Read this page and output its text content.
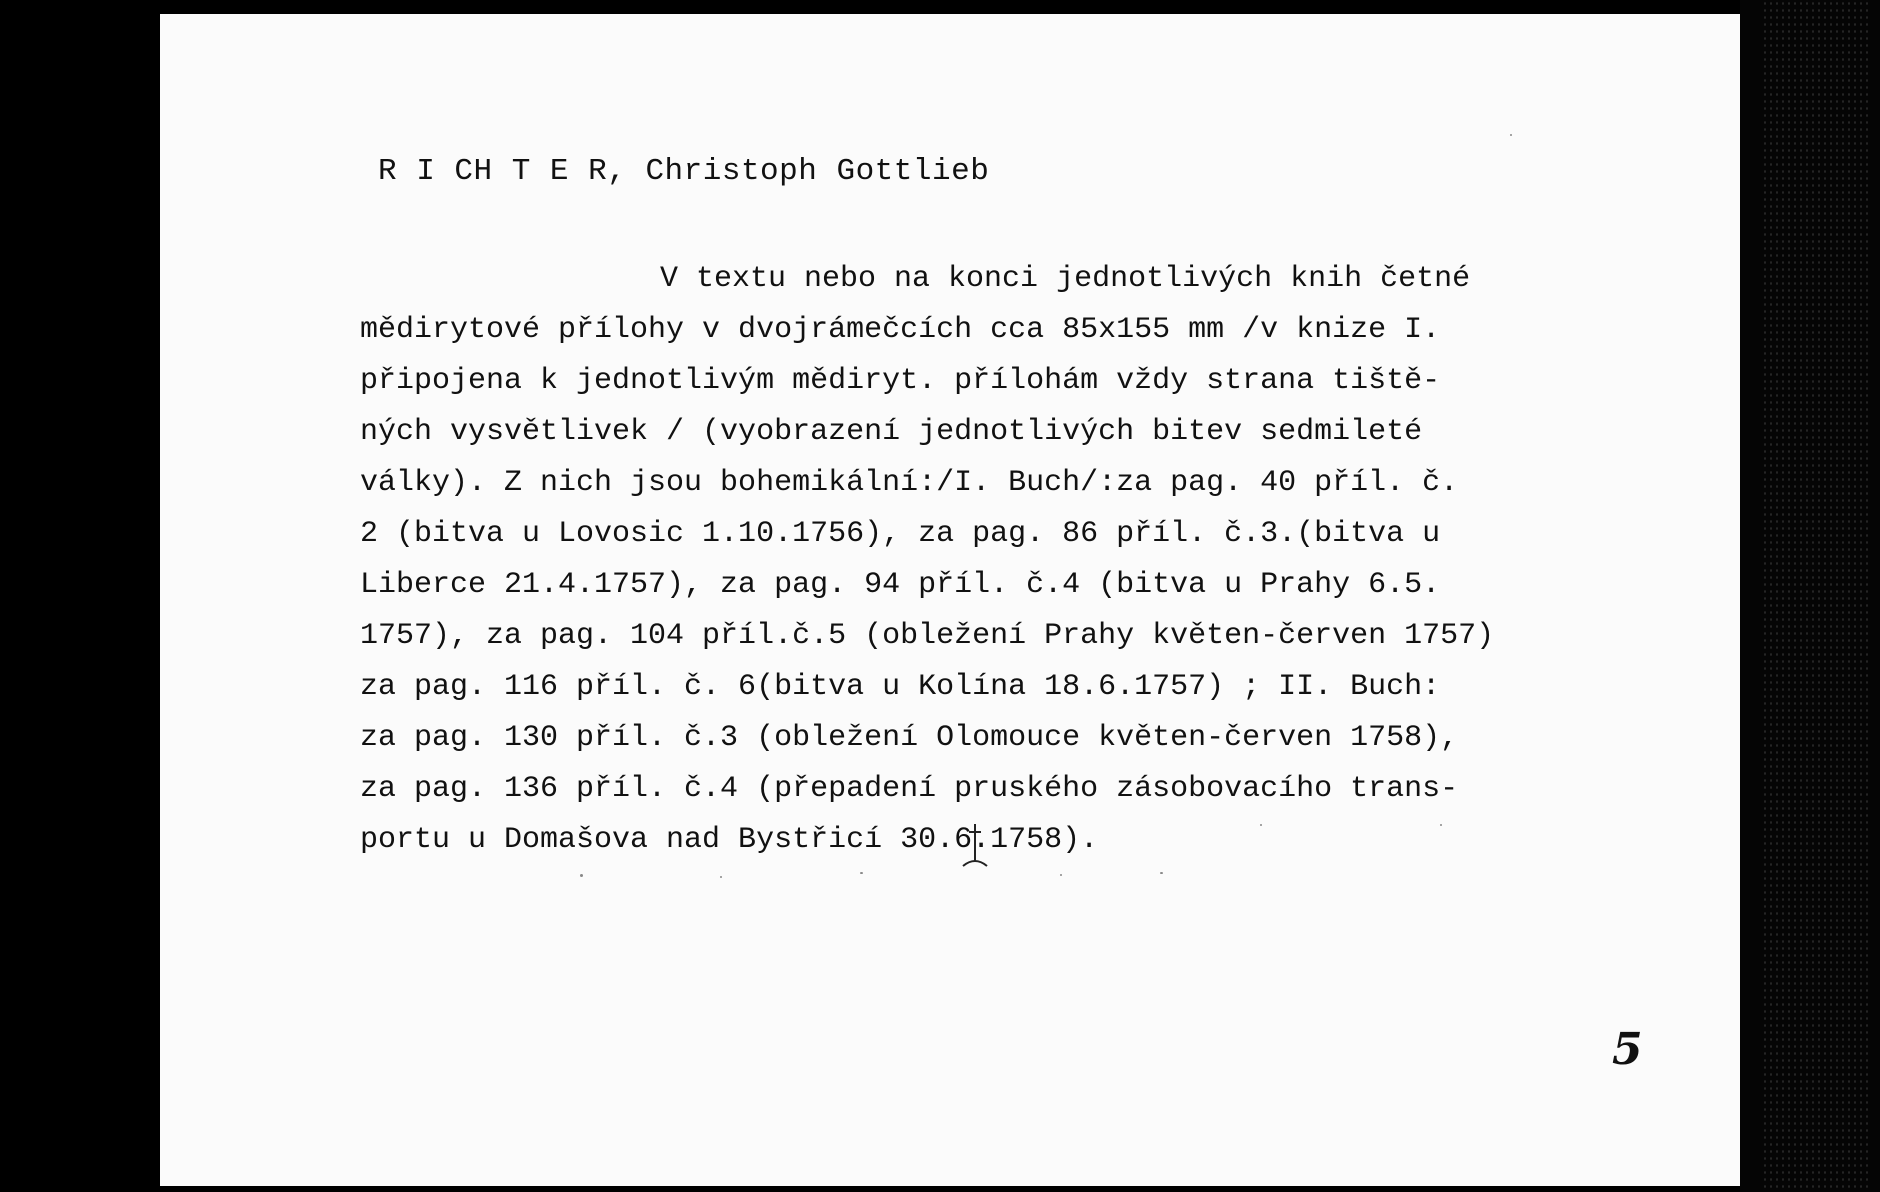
R I CH T E R, Christoph Gottlieb
V textu nebo na konci jednotlivých knih četné
mědirytové přílohy v dvojrámečcích cca 85x155 mm /v knize I.
připojena k jednotlivým mědiryt. přílohám vždy strana tiště-
ných vysvětlivek / (vyobrazení jednotlivých bitev sedmileté
války). Z nich jsou bohemikální:/I. Buch/:za pag. 40 příl. č.
2 (bitva u Lovosic 1.10.1756), za pag. 86 příl. č.3.(bitva u
Liberce 21.4.1757), za pag. 94 příl. č.4 (bitva u Prahy 6.5.
1757), za pag. 104 příl.č.5 (obležení Prahy květen-červen 1757)
za pag. 116 příl. č. 6(bitva u Kolína 18.6.1757) ; II. Buch:
za pag. 130 příl. č.3 (obležení Olomouce květen-červen 1758),
za pag. 136 příl. č.4 (přepadení pruského zásobovacího trans-
portu u Domašova nad Bystřicí 30.6.1758).
5
